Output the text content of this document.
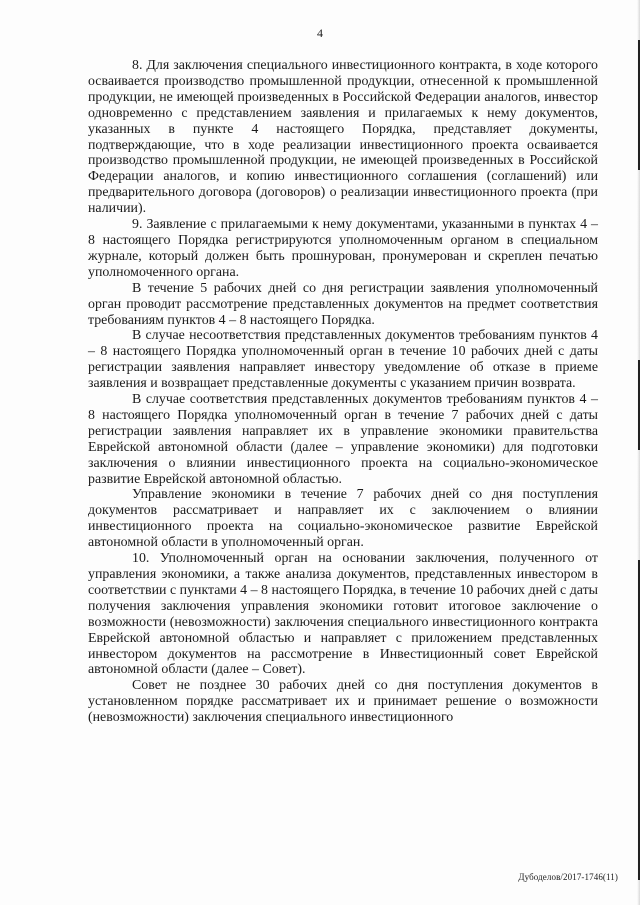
4

8. Для заключения специального инвестиционного контракта, в ходе которого осваивается производство промышленной продукции, отнесенной к промышленной продукции, не имеющей произведенных в Российской Федерации аналогов, инвестор одновременно с представлением заявления и прилагаемых к нему документов, указанных в пункте 4 настоящего Порядка, представляет документы, подтверждающие, что в ходе реализации инвестиционного проекта осваивается производство промышленной продукции, не имеющей произведенных в Российской Федерации аналогов, и копию инвестиционного соглашения (соглашений) или предварительного договора (договоров) о реализации инвестиционного проекта (при наличии).

9. Заявление с прилагаемыми к нему документами, указанными в пунктах 4 – 8 настоящего Порядка регистрируются уполномоченным органом в специальном журнале, который должен быть прошнурован, пронумерован и скреплен печатью уполномоченного органа.

В течение 5 рабочих дней со дня регистрации заявления уполномоченный орган проводит рассмотрение представленных документов на предмет соответствия требованиям пунктов 4 – 8 настоящего Порядка.

В случае несоответствия представленных документов требованиям пунктов 4 – 8 настоящего Порядка уполномоченный орган в течение 10 рабочих дней с даты регистрации заявления направляет инвестору уведомление об отказе в приеме заявления и возвращает представленные документы с указанием причин возврата.

В случае соответствия представленных документов требованиям пунктов 4 – 8 настоящего Порядка уполномоченный орган в течение 7 рабочих дней с даты регистрации заявления направляет их в управление экономики правительства Еврейской автономной области (далее – управление экономики) для подготовки заключения о влиянии инвестиционного проекта на социально-экономическое развитие Еврейской автономной областью.

Управление экономики в течение 7 рабочих дней со дня поступления документов рассматривает и направляет их с заключением о влиянии инвестиционного проекта на социально-экономическое развитие Еврейской автономной области в уполномоченный орган.

10. Уполномоченный орган на основании заключения, полученного от управления экономики, а также анализа документов, представленных инвестором в соответствии с пунктами 4 – 8 настоящего Порядка, в течение 10 рабочих дней с даты получения заключения управления экономики готовит итоговое заключение о возможности (невозможности) заключения специального инвестиционного контракта Еврейской автономной областью и направляет с приложением представленных инвестором документов на рассмотрение в Инвестиционный совет Еврейской автономной области (далее – Совет).

Совет не позднее 30 рабочих дней со дня поступления документов в установленном порядке рассматривает их и принимает решение о возможности (невозможности) заключения специального инвестиционного

Дубоделов/2017-1746(11)
